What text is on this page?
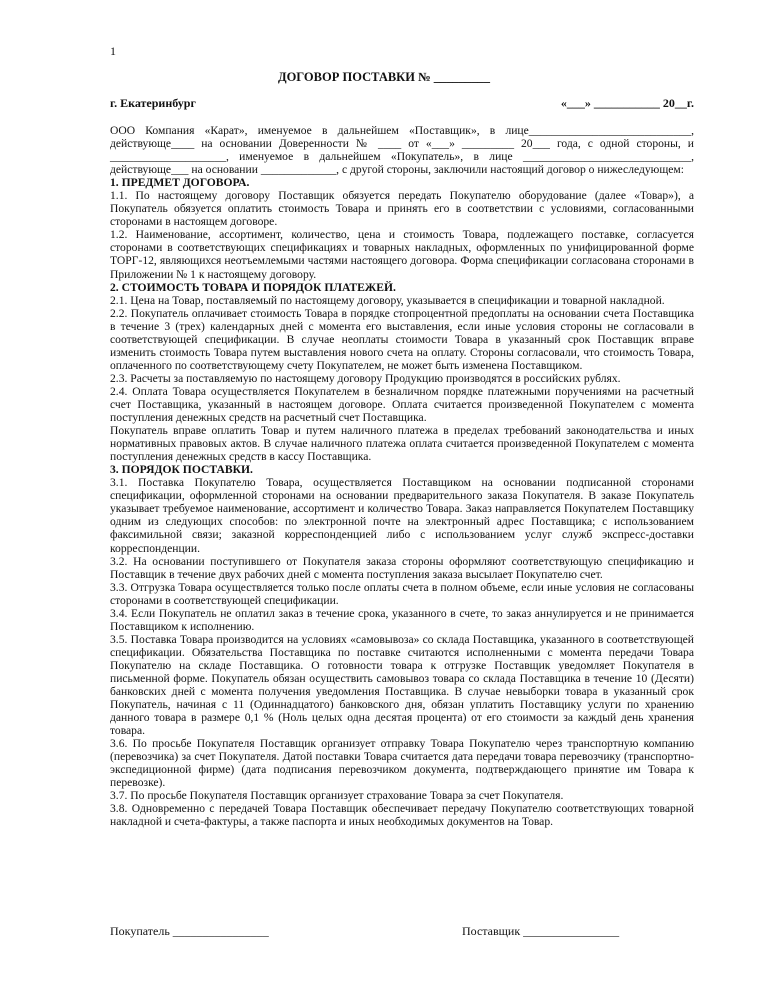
1
ДОГОВОР ПОСТАВКИ № _________
г. Екатеринбург	«___» ___________ 20__г.

ООО Компания «Карат», именуемое в дальнейшем «Поставщик», в лице____________________________, действующе____ на основании Доверенности № ____ от «___» _________ 20___ года, с одной стороны, и ____________________, именуемое в дальнейшем «Покупатель», в лице _____________________________, действующе___ на основании _____________, с другой стороны, заключили настоящий договор о нижеследующем:

1. ПРЕДМЕТ ДОГОВОРА.

1.1. По настоящему договору Поставщик обязуется передать Покупателю оборудование (далее «Товар»), а Покупатель обязуется оплатить стоимость Товара и принять его в соответствии с условиями, согласованными сторонами в настоящем договоре.

1.2. Наименование, ассортимент, количество, цена и стоимость Товара, подлежащего поставке, согласуется сторонами в соответствующих спецификациях и товарных накладных, оформленных по унифицированной форме ТОРГ-12, являющихся неотъемлемыми частями настоящего договора. Форма спецификации согласована сторонами в Приложении № 1 к настоящему договору.

2. СТОИМОСТЬ ТОВАРА И ПОРЯДОК ПЛАТЕЖЕЙ.

2.1. Цена на Товар, поставляемый по настоящему договору, указывается в спецификации и товарной накладной.

2.2. Покупатель оплачивает стоимость Товара в порядке стопроцентной предоплаты на основании счета Поставщика в течение 3 (трех) календарных дней с момента его выставления, если иные условия стороны не согласовали в соответствующей спецификации. В случае неоплаты стоимости Товара в указанный срок Поставщик вправе изменить стоимость Товара путем выставления нового счета на оплату. Стороны согласовали, что стоимость Товара, оплаченного по соответствующему счету Покупателем, не может быть изменена Поставщиком.

2.3. Расчеты за поставляемую по настоящему договору Продукцию производятся в российских рублях.

2.4. Оплата Товара осуществляется Покупателем в безналичном порядке платежными поручениями на расчетный счет Поставщика, указанный в настоящем договоре. Оплата считается произведенной Покупателем с момента поступления денежных средств на расчетный счет Поставщика.

Покупатель вправе оплатить Товар и путем наличного платежа в пределах требований законодательства и иных нормативных правовых актов. В случае наличного платежа оплата считается произведенной Покупателем с момента поступления денежных средств в кассу Поставщика.

3. ПОРЯДОК ПОСТАВКИ.

3.1. Поставка Покупателю Товара, осуществляется Поставщиком на основании подписанной сторонами спецификации, оформленной сторонами на основании предварительного заказа Покупателя. В заказе Покупатель указывает требуемое наименование, ассортимент и количество Товара. Заказ направляется Покупателем Поставщику одним из следующих способов: по электронной почте на электронный адрес Поставщика; с использованием факсимильной связи; заказной корреспонденцией либо с использованием услуг служб экспресс-доставки корреспонденции.

3.2. На основании поступившего от Покупателя заказа стороны оформляют соответствующую спецификацию и Поставщик в течение двух рабочих дней с момента поступления заказа высылает Покупателю счет.

3.3. Отгрузка Товара осуществляется только после оплаты счета в полном объеме, если иные условия не согласованы сторонами в соответствующей спецификации.

3.4. Если Покупатель не оплатил заказ в течение срока, указанного в счете, то заказ аннулируется и не принимается Поставщиком к исполнению.

3.5. Поставка Товара производится на условиях «самовывоза» со склада Поставщика, указанного в соответствующей спецификации. Обязательства Поставщика по поставке считаются исполненными с момента передачи Товара Покупателю на складе Поставщика. О готовности товара к отгрузке Поставщик уведомляет Покупателя в письменной форме. Покупатель обязан осуществить самовывоз товара со склада Поставщика в течение 10 (Десяти) банковских дней с момента получения уведомления Поставщика. В случае невыборки товара в указанный срок Покупатель, начиная с 11 (Одиннадцатого) банковского дня, обязан уплатить Поставщику услуги по хранению данного товара в размере 0,1 % (Ноль целых одна десятая процента) от его стоимости за каждый день хранения товара.

3.6. По просьбе Покупателя Поставщик организует отправку Товара Покупателю через транспортную компанию (перевозчика) за счет Покупателя. Датой поставки Товара считается дата передачи товара перевозчику (транспортно-экспедиционной фирме) (дата подписания перевозчиком документа, подтверждающего принятие им Товара к перевозке).

3.7. По просьбе Покупателя Поставщик организует страхование Товара за счет Покупателя.

3.8. Одновременно с передачей Товара Поставщик обеспечивает передачу Покупателю соответствующих товарной накладной и счета-фактуры, а также паспорта и иных необходимых документов на Товар.

Покупатель ________________	Поставщик ________________
